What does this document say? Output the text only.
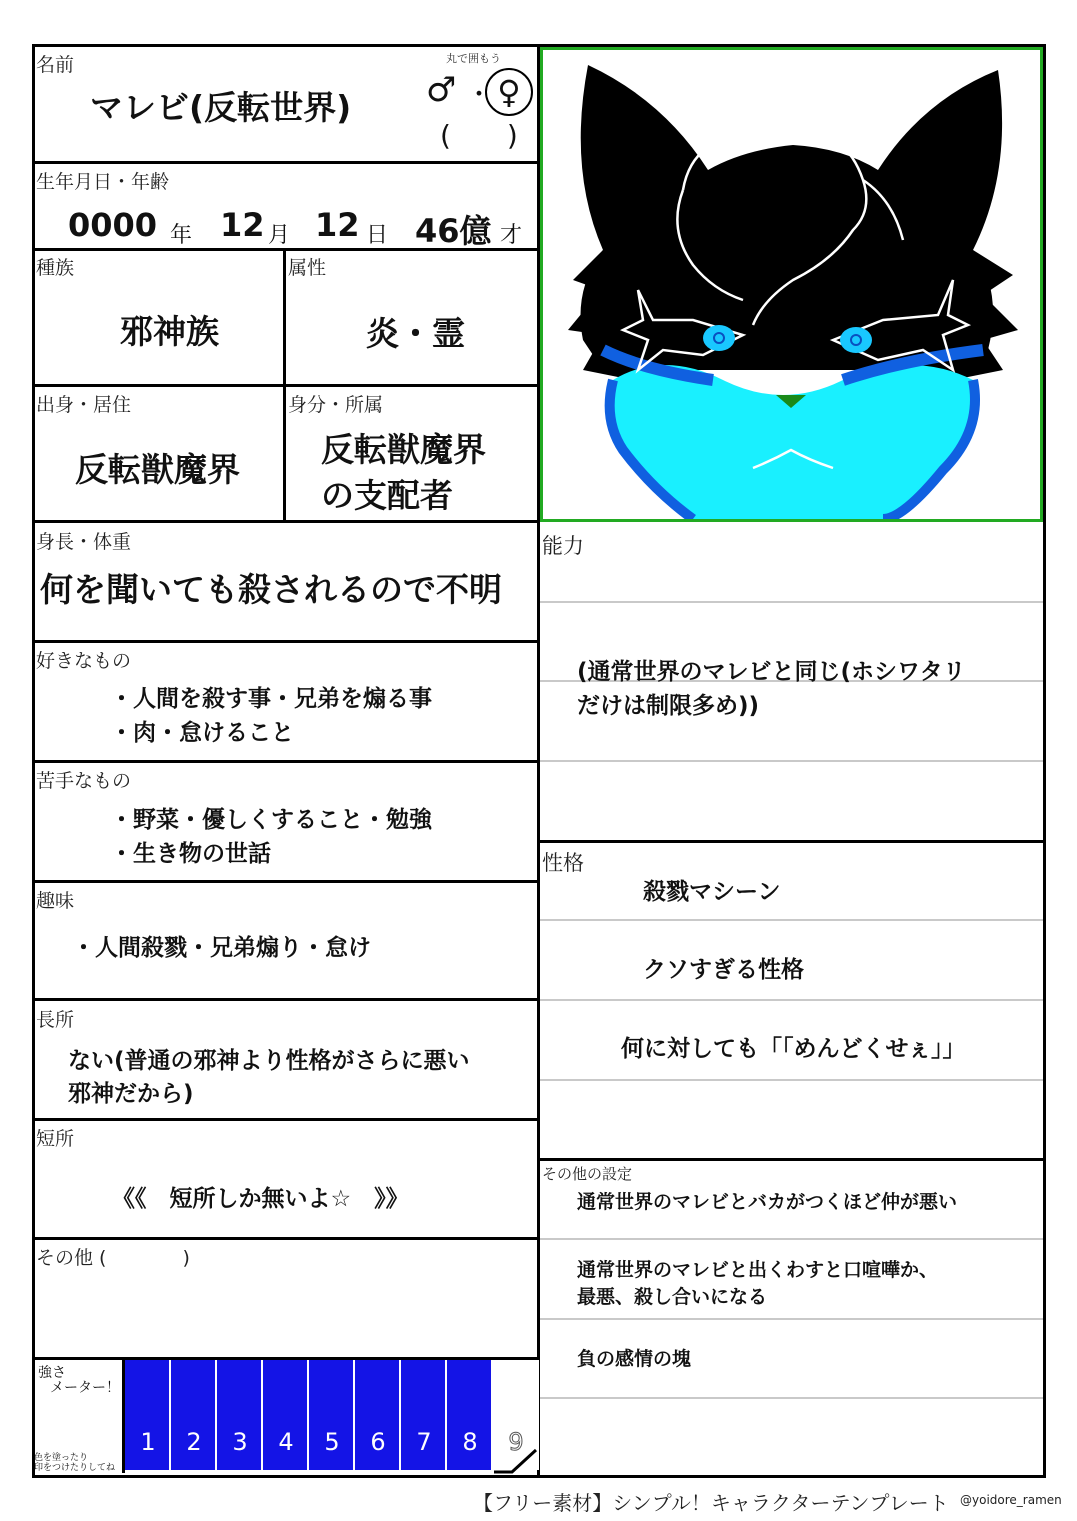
名前
マレビ(反転世界)
丸で囲もう
♂ ・ ♀
(　　)
生年月日・年齢
0000 年 12 月 12 日 46億 才
種族
邪神族
属性
炎・霊
出身・居住
反転獣魔界
身分・所属
反転獣魔界
の支配者
身長・体重
何を聞いても殺されるので不明
好きなもの
・人間を殺す事・兄弟を煽る事
・肉・怠けること
苦手なもの
・野菜・優しくすること・勉強
・生き物の世話
趣味
・人間殺戮・兄弟煽り・怠け
長所
ない(普通の邪神より性格がさらに悪い
邪神だから)
短所
《《　短所しか無いよ☆　》》
その他 (　　　　)
強さ
メーター！
色を塗ったり
印をつけたりしてね
1	2	3	4	5	6	7	8	9
能力
(通常世界のマレビと同じ(ホシワタリ
だけは制限多め))
性格
殺戮マシーン
クソすぎる性格
何に対しても「「めんどくせぇ」」
その他の設定
通常世界のマレビとバカがつくほど仲が悪い
通常世界のマレビと出くわすと口喧嘩か、
最悪、殺し合いになる
負の感情の塊
【フリー素材】シンプル！キャラクターテンプレート @yoidore_ramen
